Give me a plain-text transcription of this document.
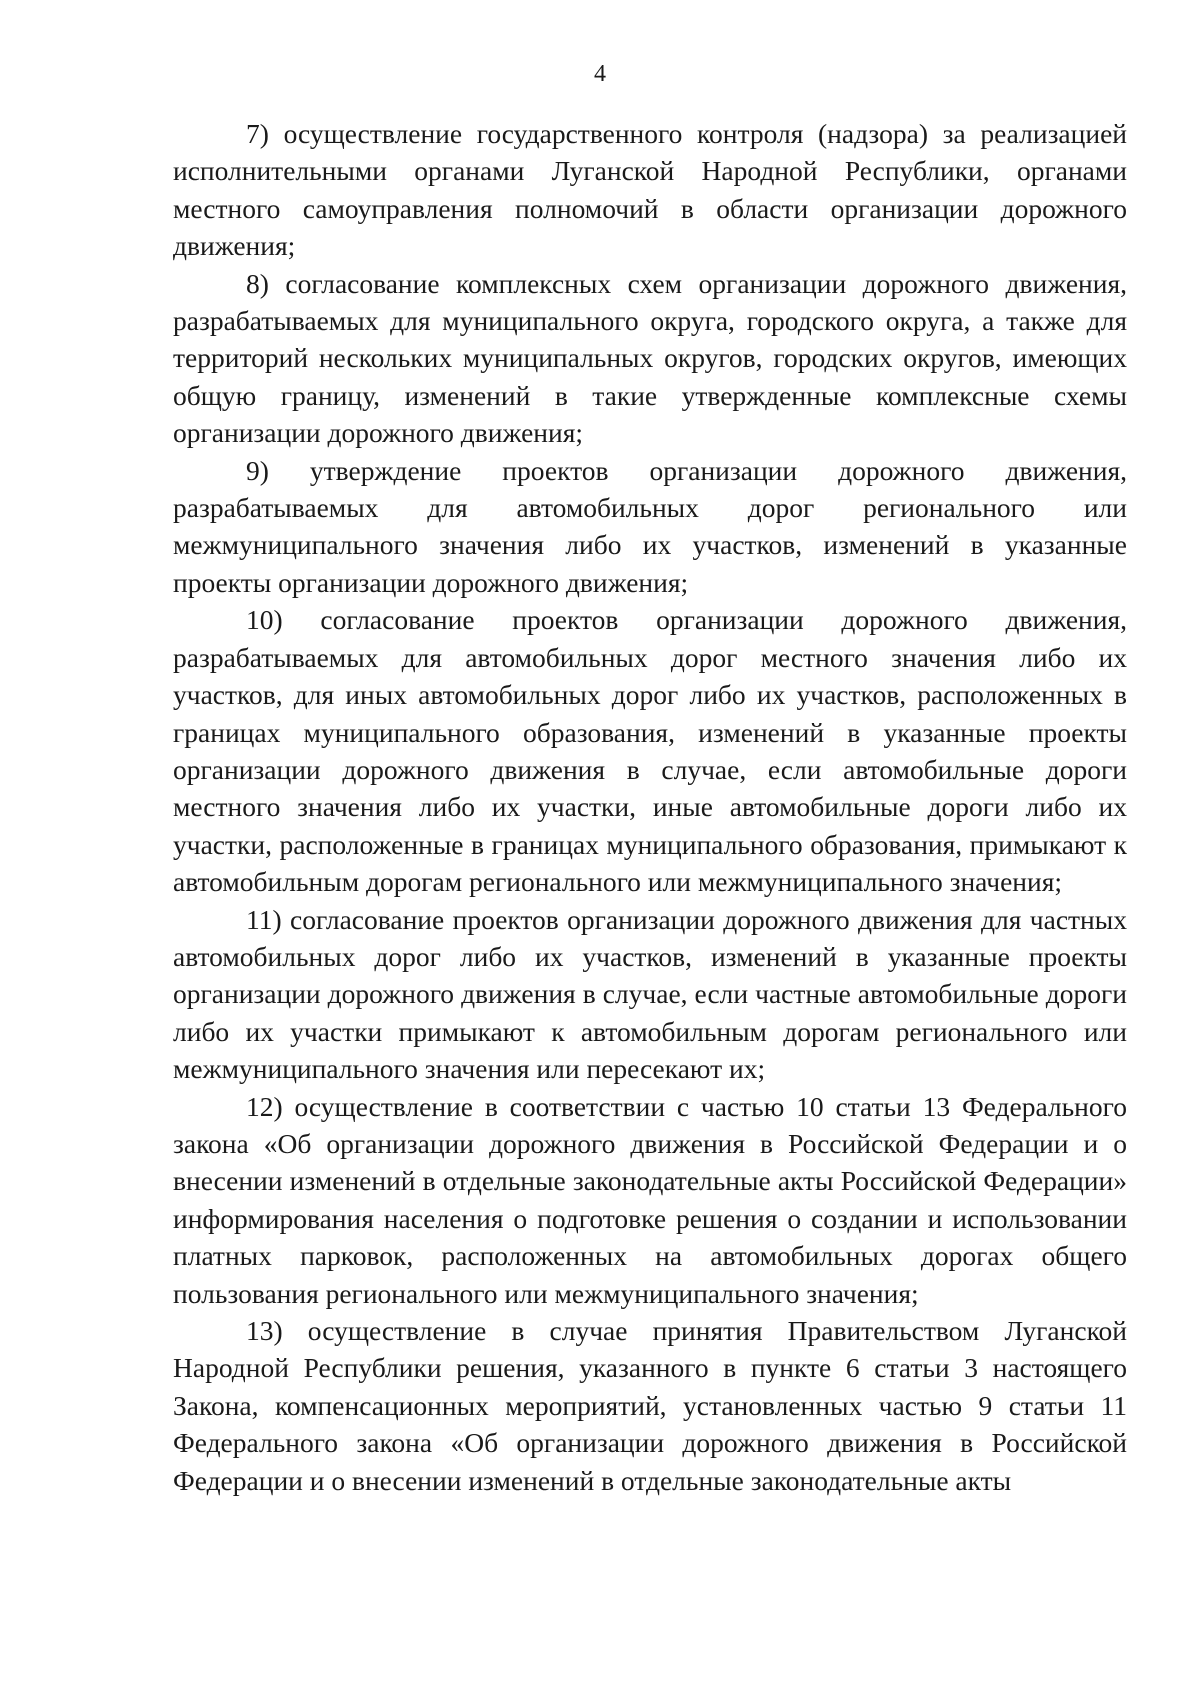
4

7) осуществление государственного контроля (надзора) за реализацией исполнительными органами Луганской Народной Республики, органами местного самоуправления полномочий в области организации дорожного движения;

8) согласование комплексных схем организации дорожного движения, разрабатываемых для муниципального округа, городского округа, а также для территорий нескольких муниципальных округов, городских округов, имеющих общую границу, изменений в такие утвержденные комплексные схемы организации дорожного движения;

9) утверждение проектов организации дорожного движения, разрабатываемых для автомобильных дорог регионального или межмуниципального значения либо их участков, изменений в указанные проекты организации дорожного движения;

10) согласование проектов организации дорожного движения, разрабатываемых для автомобильных дорог местного значения либо их участков, для иных автомобильных дорог либо их участков, расположенных в границах муниципального образования, изменений в указанные проекты организации дорожного движения в случае, если автомобильные дороги местного значения либо их участки, иные автомобильные дороги либо их участки, расположенные в границах муниципального образования, примыкают к автомобильным дорогам регионального или межмуниципального значения;

11) согласование проектов организации дорожного движения для частных автомобильных дорог либо их участков, изменений в указанные проекты организации дорожного движения в случае, если частные автомобильные дороги либо их участки примыкают к автомобильным дорогам регионального или межмуниципального значения или пересекают их;

12) осуществление в соответствии с частью 10 статьи 13 Федерального закона «Об организации дорожного движения в Российской Федерации и о внесении изменений в отдельные законодательные акты Российской Федерации» информирования населения о подготовке решения о создании и использовании платных парковок, расположенных на автомобильных дорогах общего пользования регионального или межмуниципального значения;

13) осуществление в случае принятия Правительством Луганской Народной Республики решения, указанного в пункте 6 статьи 3 настоящего Закона, компенсационных мероприятий, установленных частью 9 статьи 11 Федерального закона «Об организации дорожного движения в Российской Федерации и о внесении изменений в отдельные законодательные акты
